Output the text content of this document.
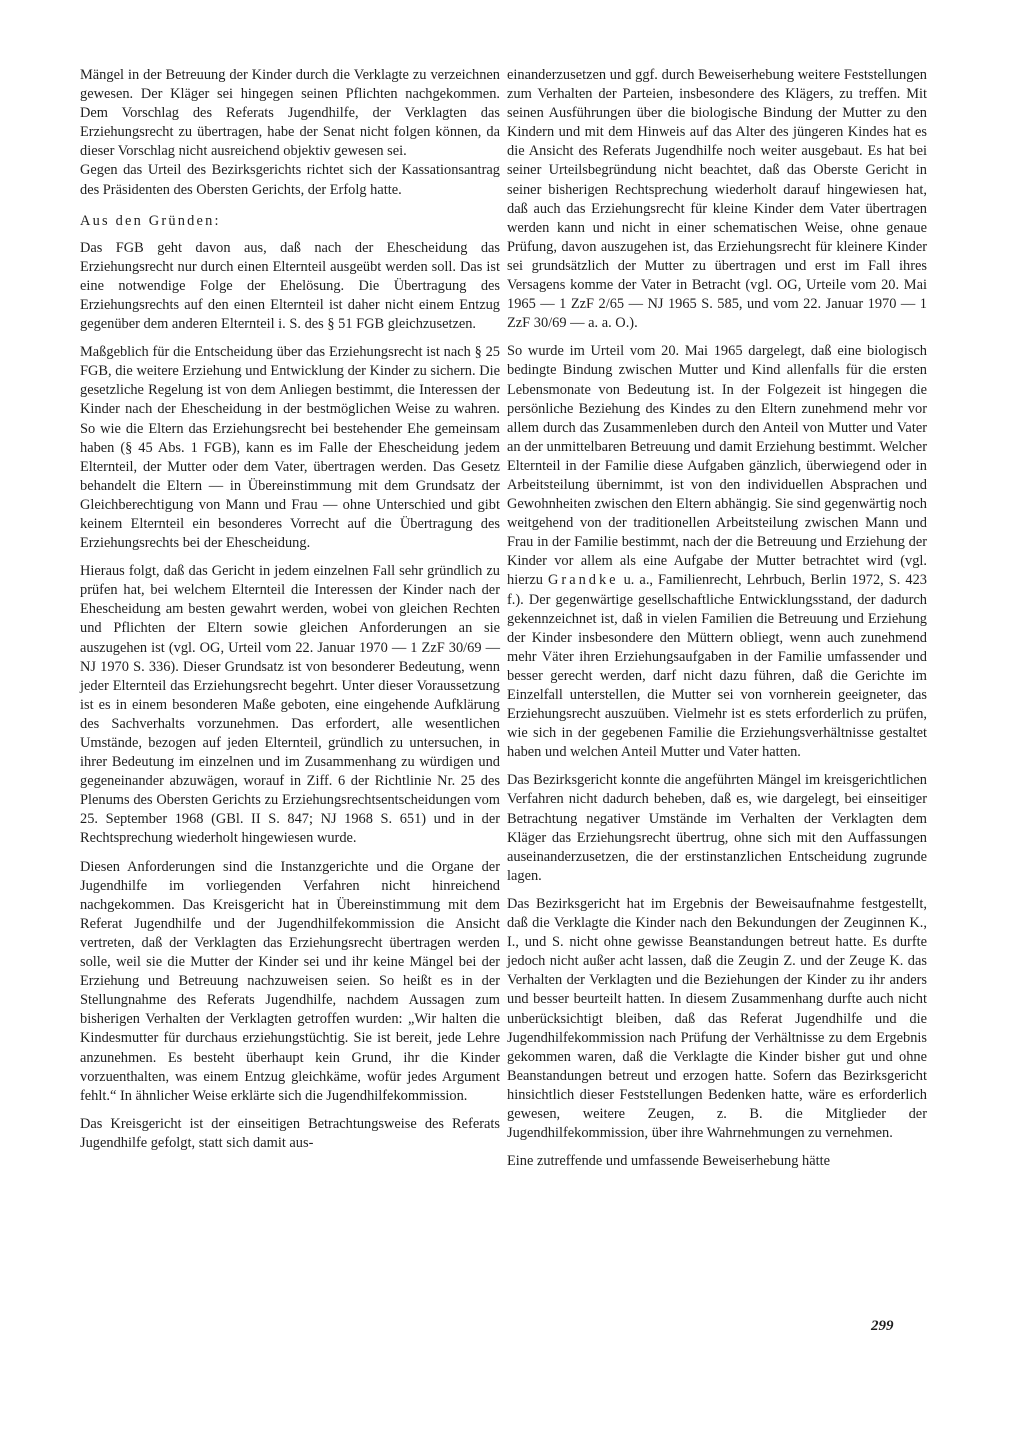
Mängel in der Betreuung der Kinder durch die Verklagte zu verzeichnen gewesen. Der Kläger sei hingegen seinen Pflichten nachgekommen. Dem Vorschlag des Referats Jugendhilfe, der Verklagten das Erziehungsrecht zu übertragen, habe der Senat nicht folgen können, da dieser Vorschlag nicht ausreichend objektiv gewesen sei.

Gegen das Urteil des Bezirksgerichts richtet sich der Kassationsantrag des Präsidenten des Obersten Gerichts, der Erfolg hatte.

Aus den Gründen:

Das FGB geht davon aus, daß nach der Ehescheidung das Erziehungsrecht nur durch einen Elternteil ausgeübt werden soll. Das ist eine notwendige Folge der Ehelösung. Die Übertragung des Erziehungsrechts auf den einen Elternteil ist daher nicht einem Entzug gegenüber dem anderen Elternteil i. S. des § 51 FGB gleichzusetzen.

Maßgeblich für die Entscheidung über das Erziehungsrecht ist nach § 25 FGB, die weitere Erziehung und Entwicklung der Kinder zu sichern. Die gesetzliche Regelung ist von dem Anliegen bestimmt, die Interessen der Kinder nach der Ehescheidung in der bestmöglichen Weise zu wahren. So wie die Eltern das Erziehungsrecht bei bestehender Ehe gemeinsam haben (§ 45 Abs. 1 FGB), kann es im Falle der Ehescheidung jedem Elternteil, der Mutter oder dem Vater, übertragen werden. Das Gesetz behandelt die Eltern — in Übereinstimmung mit dem Grundsatz der Gleichberechtigung von Mann und Frau — ohne Unterschied und gibt keinem Elternteil ein besonderes Vorrecht auf die Übertragung des Erziehungsrechts bei der Ehescheidung.

Hieraus folgt, daß das Gericht in jedem einzelnen Fall sehr gründlich zu prüfen hat, bei welchem Elternteil die Interessen der Kinder nach der Ehescheidung am besten gewahrt werden, wobei von gleichen Rechten und Pflichten der Eltern sowie gleichen Anforderungen an sie auszugehen ist (vgl. OG, Urteil vom 22. Januar 1970 — 1 ZzF 30/69 — NJ 1970 S. 336). Dieser Grundsatz ist von besonderer Bedeutung, wenn jeder Elternteil das Erziehungsrecht begehrt. Unter dieser Voraussetzung ist es in einem besonderen Maße geboten, eine eingehende Aufklärung des Sachverhalts vorzunehmen. Das erfordert, alle wesentlichen Umstände, bezogen auf jeden Elternteil, gründlich zu untersuchen, in ihrer Bedeutung im einzelnen und im Zusammenhang zu würdigen und gegeneinander abzuwägen, worauf in Ziff. 6 der Richtlinie Nr. 25 des Plenums des Obersten Gerichts zu Erziehungsrechtsentscheidungen vom 25. September 1968 (GBl. II S. 847; NJ 1968 S. 651) und in der Rechtsprechung wiederholt hingewiesen wurde.

Diesen Anforderungen sind die Instanzgerichte und die Organe der Jugendhilfe im vorliegenden Verfahren nicht hinreichend nachgekommen. Das Kreisgericht hat in Übereinstimmung mit dem Referat Jugendhilfe und der Jugendhilfekommission die Ansicht vertreten, daß der Verklagten das Erziehungsrecht übertragen werden solle, weil sie die Mutter der Kinder sei und ihr keine Mängel bei der Erziehung und Betreuung nachzuweisen seien. So heißt es in der Stellungnahme des Referats Jugendhilfe, nachdem Aussagen zum bisherigen Verhalten der Verklagten getroffen wurden: „Wir halten die Kindesmutter für durchaus erziehungstüchtig. Sie ist bereit, jede Lehre anzunehmen. Es besteht überhaupt kein Grund, ihr die Kinder vorzuenthalten, was einem Entzug gleichkäme, wofür jedes Argument fehlt.“ In ähnlicher Weise erklärte sich die Jugendhilfekommission.

Das Kreisgericht ist der einseitigen Betrachtungsweise des Referats Jugendhilfe gefolgt, statt sich damit aus-

einanderzusetzen und ggf. durch Beweiserhebung weitere Feststellungen zum Verhalten der Parteien, insbesondere des Klägers, zu treffen. Mit seinen Ausführungen über die biologische Bindung der Mutter zu den Kindern und mit dem Hinweis auf das Alter des jüngeren Kindes hat es die Ansicht des Referats Jugendhilfe noch weiter ausgebaut. Es hat bei seiner Urteilsbegründung nicht beachtet, daß das Oberste Gericht in seiner bisherigen Rechtsprechung wiederholt darauf hingewiesen hat, daß auch das Erziehungsrecht für kleine Kinder dem Vater übertragen werden kann und nicht in einer schematischen Weise, ohne genaue Prüfung, davon auszugehen ist, das Erziehungsrecht für kleinere Kinder sei grundsätzlich der Mutter zu übertragen und erst im Fall ihres Versagens komme der Vater in Betracht (vgl. OG, Urteile vom 20. Mai 1965 — 1 ZzF 2/65 — NJ 1965 S. 585, und vom 22. Januar 1970 — 1 ZzF 30/69 — a. a. O.).

So wurde im Urteil vom 20. Mai 1965 dargelegt, daß eine biologisch bedingte Bindung zwischen Mutter und Kind allenfalls für die ersten Lebensmonate von Bedeutung ist. In der Folgezeit ist hingegen die persönliche Beziehung des Kindes zu den Eltern zunehmend mehr vor allem durch das Zusammenleben durch den Anteil von Mutter und Vater an der unmittelbaren Betreuung und damit Erziehung bestimmt. Welcher Elternteil in der Familie diese Aufgaben gänzlich, überwiegend oder in Arbeitsteilung übernimmt, ist von den individuellen Absprachen und Gewohnheiten zwischen den Eltern abhängig. Sie sind gegenwärtig noch weitgehend von der traditionellen Arbeitsteilung zwischen Mann und Frau in der Familie bestimmt, nach der die Betreuung und Erziehung der Kinder vor allem als eine Aufgabe der Mutter betrachtet wird (vgl. hierzu Grandke u. a., Familienrecht, Lehrbuch, Berlin 1972, S. 423 f.). Der gegenwärtige gesellschaftliche Entwicklungsstand, der dadurch gekennzeichnet ist, daß in vielen Familien die Betreuung und Erziehung der Kinder insbesondere den Müttern obliegt, wenn auch zunehmend mehr Väter ihren Erziehungsaufgaben in der Familie umfassender und besser gerecht werden, darf nicht dazu führen, daß die Gerichte im Einzelfall unterstellen, die Mutter sei von vornherein geeigneter, das Erziehungsrecht auszuüben. Vielmehr ist es stets erforderlich zu prüfen, wie sich in der gegebenen Familie die Erziehungsverhältnisse gestaltet haben und welchen Anteil Mutter und Vater hatten.

Das Bezirksgericht konnte die angeführten Mängel im kreisgerichtlichen Verfahren nicht dadurch beheben, daß es, wie dargelegt, bei einseitiger Betrachtung negativer Umstände im Verhalten der Verklagten dem Kläger das Erziehungsrecht übertrug, ohne sich mit den Auffassungen auseinanderzusetzen, die der erstinstanzlichen Entscheidung zugrunde lagen.

Das Bezirksgericht hat im Ergebnis der Beweisaufnahme festgestellt, daß die Verklagte die Kinder nach den Bekundungen der Zeuginnen K., I., und S. nicht ohne gewisse Beanstandungen betreut hatte. Es durfte jedoch nicht außer acht lassen, daß die Zeugin Z. und der Zeuge K. das Verhalten der Verklagten und die Beziehungen der Kinder zu ihr anders und besser beurteilt hatten. In diesem Zusammenhang durfte auch nicht unberücksichtigt bleiben, daß das Referat Jugendhilfe und die Jugendhilfekommission nach Prüfung der Verhältnisse zu dem Ergebnis gekommen waren, daß die Verklagte die Kinder bisher gut und ohne Beanstandungen betreut und erzogen hatte. Sofern das Bezirksgericht hinsichtlich dieser Feststellungen Bedenken hatte, wäre es erforderlich gewesen, weitere Zeugen, z. B. die Mitglieder der Jugendhilfekommission, über ihre Wahrnehmungen zu vernehmen.

Eine zutreffende und umfassende Beweiserhebung hätte

299
